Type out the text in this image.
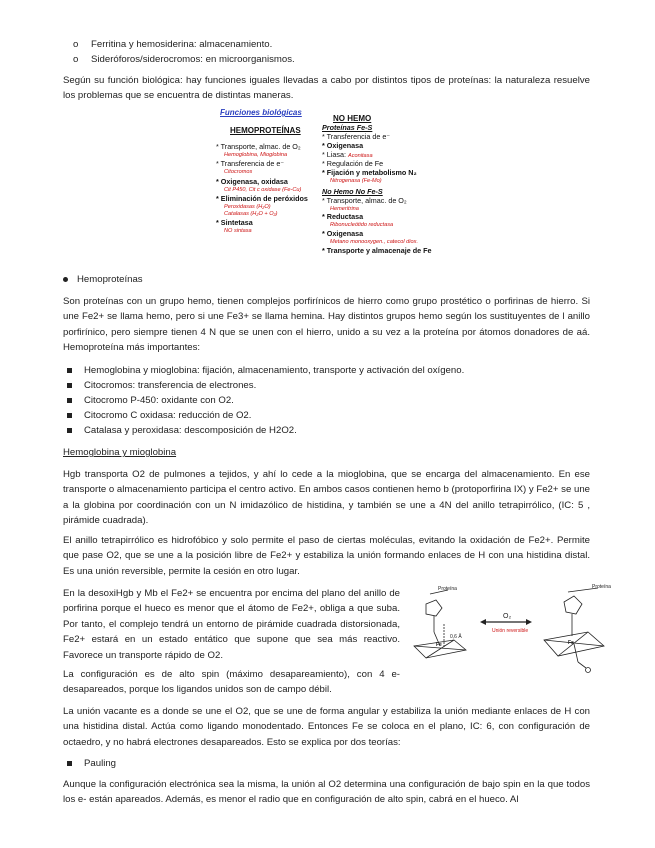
o Ferritina y hemosiderina: almacenamiento.
o Sideróforos/siderocromos: en microorganismos.
Según su función biológica: hay funciones iguales llevadas a cabo por distintos tipos de proteínas: la naturaleza resuelve los problemas que se encuentra de distintas maneras.
Funciones biológicas
HEMOPROTEÍNAS
* Transporte, almac. de O₂
Hemoglobina, Mioglobina
* Transferencia de e⁻
Citocromos
* Oxigenasa, oxidasa
Cit P450, Cit c oxidase (Fe-Cu)
* Eliminación de peróxidos
Peroxidasas (H₂O)
Catalasas (H₂O + O₂)
* Sintetasa
NO sintasa
NO HEMO
Proteínas Fe-S
* Transferencia de e⁻
* Oxigenasa
* Liasa: Aconitasa
* Regulación de Fe
* Fijación y metabolismo N₂
Nitrogenasa (Fe-Mo)
No Hemo No Fe-S
* Transporte, almac. de O₂
Hemeritrina
* Reductasa
Ribonucleótido reductasa
* Oxigenasa
Metano monooxygen., catecol diox.
* Transporte y almacenaje de Fe
Hemoproteínas
Son proteínas con un grupo hemo, tienen complejos porfirínicos de hierro como grupo prostético o porfirinas de hierro. Si une Fe2+ se llama hemo, pero si une Fe3+ se llama hemina. Hay distintos grupos hemo según los sustituyentes de l anillo porfirínico, pero siempre tienen 4 N que se unen con el hierro, unido a su vez a la proteína por átomos donadores de aá. Hemoproteína más importantes:
Hemoglobina y mioglobina: fijación, almacenamiento, transporte y activación del oxígeno.
Citocromos: transferencia de electrones.
Citocromo P-450: oxidante con O2.
Citocromo C oxidasa: reducción de O2.
Catalasa y peroxidasa: descomposición de H2O2.
Hemoglobina y mioglobina
Hgb transporta O2 de pulmones a tejidos, y ahí lo cede a la mioglobina, que se encarga del almacenamiento. En ese transporte o almacenamiento participa el centro activo. En ambos casos contienen hemo b (protoporfirina IX) y Fe2+ se une a la globina por coordinación con un N imidazólico de histidina, y también se une a 4N del anillo tetrapirrólico, (IC: 5 , pirámide cuadrada).
El anillo tetrapirrólico es hidrofóbico y solo permite el paso de ciertas moléculas, evitando la oxidación de Fe2+. Permite que pase O2, que se une a la posición libre de Fe2+ y estabiliza la unión formando enlaces de H con una histidina distal. Es una unión reversible, permite la cesión en otro lugar.
En la desoxiHgb y Mb el Fe2+ se encuentra por encima del plano del anillo de porfirina porque el hueco es menor que el átomo de Fe2+, obliga a que suba. Por tanto, el complejo tendrá un entorno de pirámide cuadrada distorsionada, Fe2+ estará en un estado entático que supone que sea más reactivo. Favorece un transporte rápido de O2.
La configuración es de alto spin (máximo desapareamiento), con 4 e-desapareados, porque los ligandos unidos son de campo débil.
La unión vacante es a donde se une el O2, que se une de forma angular y estabiliza la unión mediante enlaces de H con una histidina distal. Actúa como ligando monodentado. Entonces Fe se coloca en el plano, IC: 6, con configuración de octaedro, y no habrá electrones desapareados. Esto se explica por dos teorías:
Pauling
Aunque la configuración electrónica sea la misma, la unión al O2 determina una configuración de bajo spin en la que todos los e- están apareados. Además, es menor el radio que en configuración de alto spin, cabrá en el hueco. Al
Proteína	Proteína
O₂
Unión reversible
0,6 Å
Fe	Fe
